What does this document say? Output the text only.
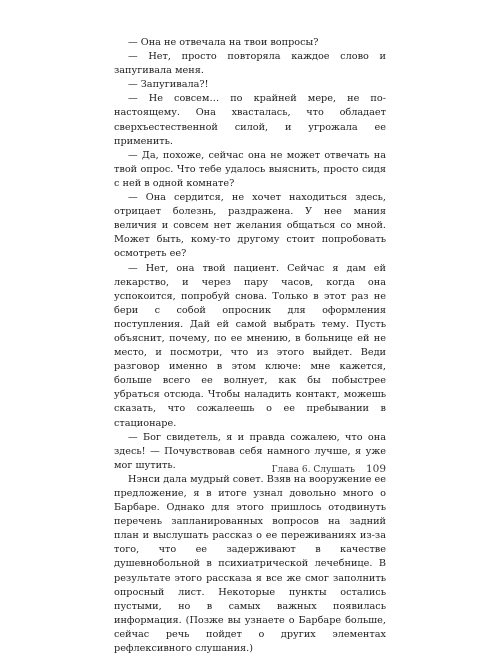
— Она не отвечала на твои вопросы?

— Нет, просто повторяла каждое слово и запугивала меня.

— Запугивала?!

— Не совсем… по крайней мере, не по-настоящему. Она хвасталась, что обладает сверхъестественной силой, и угрожала ее применить.

— Да, похоже, сейчас она не может отвечать на твой опрос. Что тебе удалось выяснить, просто сидя с ней в одной комнате?

— Она сердится, не хочет находиться здесь, отрицает болезнь, раздражена. У нее мания величия и совсем нет желания общаться со мной. Может быть, кому-то другому стоит попробовать осмотреть ее?

— Нет, она твой пациент. Сейчас я дам ей лекарство, и через пару часов, когда она успокоится, попробуй снова. Только в этот раз не бери с собой опросник для оформления поступления. Дай ей самой выбрать тему. Пусть объяснит, почему, по ее мнению, в больнице ей не место, и посмотри, что из этого выйдет. Веди разговор именно в этом ключе: мне кажется, больше всего ее волнует, как бы побыстрее убраться отсюда. Чтобы наладить контакт, можешь сказать, что сожалеешь о ее пребывании в стационаре.

— Бог свидетель, я и правда сожалею, что она здесь! — Почувствовав себя намного лучше, я уже мог шутить.

Нэнси дала мудрый совет. Взяв на вооружение ее предложение, я в итоге узнал довольно много о Барбаре. Однако для этого пришлось отодвинуть перечень запланированных вопросов на задний план и выслушать рассказ о ее переживаниях из-за того, что ее задерживают в качестве душевнобольной в психиатрической лечебнице. В результате этого рассказа я все же смог заполнить опросный лист. Некоторые пункты остались пустыми, но в самых важных появилась информация. (Позже вы узнаете о Барбаре больше, сейчас речь пойдет о других элементах рефлексивного слушания.)

Глава 6. Слушать 109
